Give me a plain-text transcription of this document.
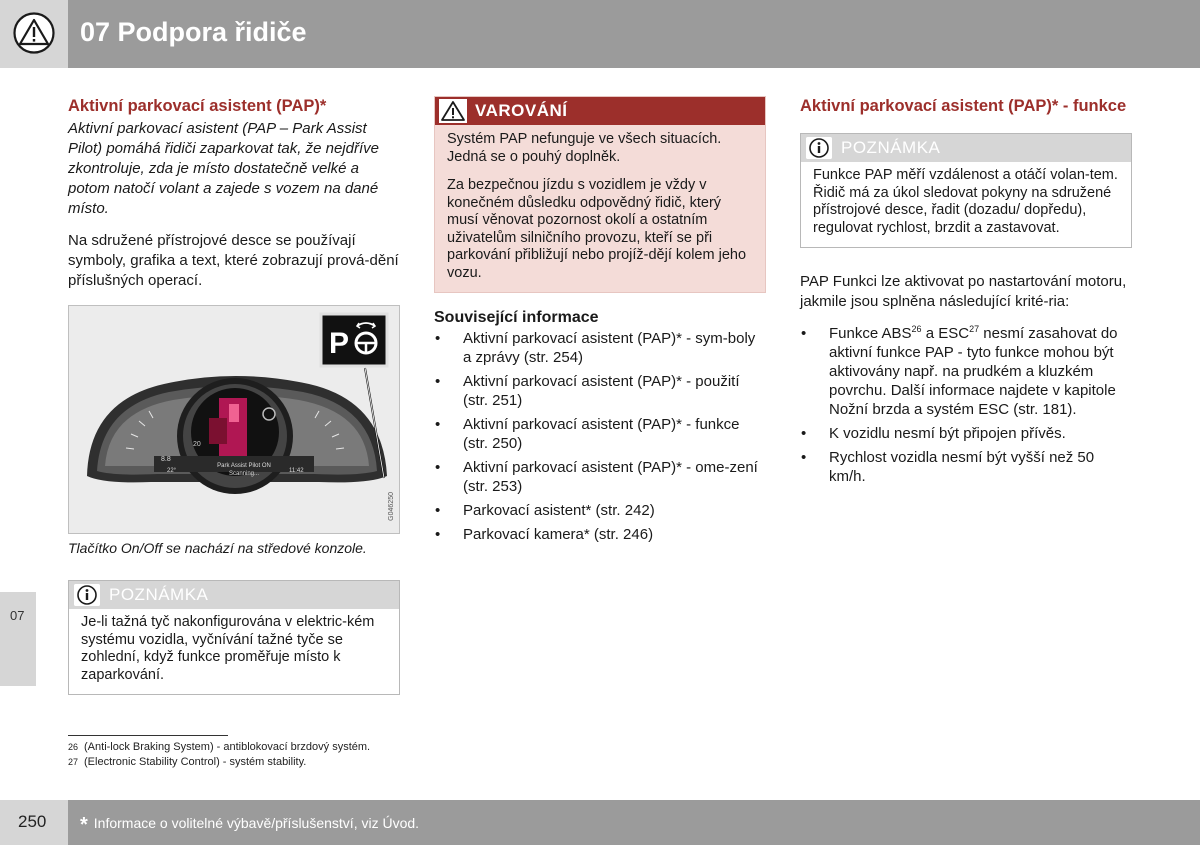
07 Podpora řidiče
07
Aktivní parkovací asistent (PAP)*

Aktivní parkovací asistent (PAP – Park Assist Pilot) pomáhá řidiči zaparkovat tak, že nejdříve zkontroluje, zda je místo dostatečně velké a potom natočí volant a zajede s vozem na dané místo.

Na sdružené přístrojové desce se používají symboly, grafika a text, které zobrazují prová-dění příslušných operací.

8.8
22°	11:42
20
P
Park Assist Pilot ON
Scanning...
G046250

Tlačítko On/Off se nachází na středové konzole.

POZNÁMKA
Je-li tažná tyč nakonfigurována v elektric-kém systému vozidla, vyčnívání tažné tyče se zohlední, když funkce proměřuje místo k zaparkování.
VAROVÁNÍ

Systém PAP nefunguje ve všech situacích. Jedná se o pouhý doplněk.

Za bezpečnou jízdu s vozidlem je vždy v konečném důsledku odpovědný řidič, který musí věnovat pozornost okolí a ostatním uživatelům silničního provozu, kteří se při parkování přibližují nebo projíž-dějí kolem jeho vozu.

Související informace
• Aktivní parkovací asistent (PAP)* - sym-boly a zprávy (str. 254)
• Aktivní parkovací asistent (PAP)* - použití (str. 251)
• Aktivní parkovací asistent (PAP)* - funkce (str. 250)
• Aktivní parkovací asistent (PAP)* - ome-zení (str. 253)
• Parkovací asistent* (str. 242)
• Parkovací kamera* (str. 246)
Aktivní parkovací asistent (PAP)* - funkce
POZNÁMKA
Funkce PAP měří vzdálenost a otáčí volan-tem. Řidič má za úkol sledovat pokyny na sdružené přístrojové desce, řadit (dozadu/ dopředu), regulovat rychlost, brzdit a zastavovat.

PAP Funkci lze aktivovat po nastartování motoru, jakmile jsou splněna následující krité-ria:

• Funkce ABS$^{26}$ a ESC$^{27}$ nesmí zasahovat do aktivní funkce PAP - tyto funkce mohou být aktivovány např. na prudkém a kluzkém povrchu. Další informace najdete v kapitole Nožní brzda a systém ESC (str. 181).
• K vozidlu nesmí být připojen přívěs.
• Rychlost vozidla nesmí být vyšší než 50 km/h.
26 (Anti-lock Braking System) - antiblokovací brzdový systém.
27 (Electronic Stability Control) - systém stability.
250 * Informace o volitelné výbavě/příslušenství, viz Úvod.
